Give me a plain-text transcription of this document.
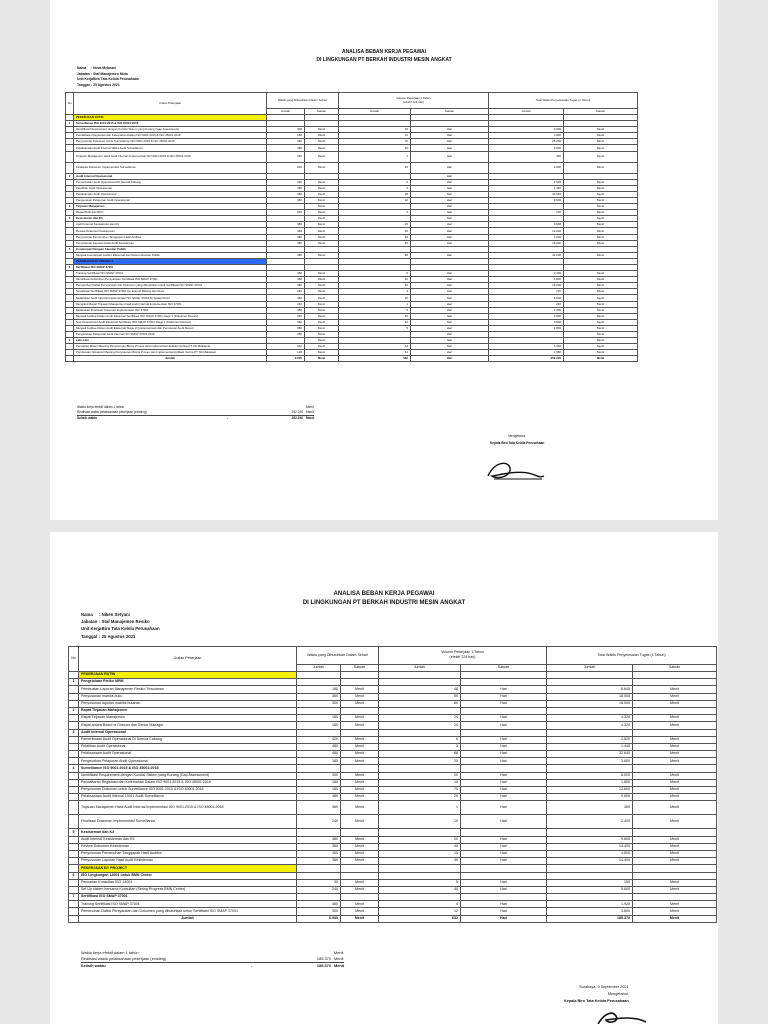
ANALISA BEBAN KERJA PEGAWAI
DI LINGKUNGAN PT BERKAH INDUSTRI MESIN ANGKAT
Nama	: Nova Melasari
Jabatan : Staf Manajemen Mutu
Unit Kerja
: Biro Tata Kelola Perusahaan
Tanggal : 25 Agustus 2021
No	Uraian Pekerjaan	Waktu yang Dibutuhkan Dalam Sehari		Volume Pekerjaan 1 Tahun
(efektif 224 hari)		Total Waktu Penyelesaian Tugas (1 Tahun)	
		Jumlah	Satuan	Jumlah	Satuan	Jumlah	Satuan
	PEKERJAAN RUTIN						
1	Surveillance ISO 9001:2015 & ISO 45001:2018						
	Identifikasi Requirement dengan Kondisi Sistem yang Kurang (Gap Assessment)	300	Menit	20	Hari	6.000	Menit
	Pendaftaran Registrasi dan Kelemahan Dalam ISO 9001:2015 & ISO 45001:2018	180	Menit	10	Hari	1.800	Menit
	Penyusunan Dokumen untuk Surveillance ISO 9001:2015 & ISO 45001:2018	360	Menit	70	Hari	25.200	Menit
	Pelaksanaan Audit Internal 19011 Audit Surveillance	480	Menit	20	Hari	9.600	Menit
	Tinjauan Manajemen Hasil Audit Internal Implementasi ISO 9001:2015 & ISO 45001:2018	360	Menit	1	Hari	360	Menit
	Finalisasi Dokumen Implementasi Surveillance	240	Menit	20	Hari	4.800	Menit
2	Audit Internal Operasional				Hari		
	Pemeriksaan Audit Operasional Di Semua Cabang	420	Menit	6	Hari	2.520	Menit
	Pelatihan Audit Operasional	480	Menit	3	Hari	1.440	Menit
	Pelaksanaan Audit Operasional	480	Menit	68	Hari	32.640	Menit
	Pengecekan Pelaporan Audit Operasional	480	Menit	20	Hari	9.600	Menit
3	Tinjauan Manajemen		Menit		Hari		Menit
	Rapat BOD dan BOC	240	Menit	3	Hari	720	Menit
4	Kesisteman dan K3		Menit		Hari		Menit
	Audit Internal Kesisteman dan K3	480	Menit	20	Hari	9.600	Menit
	Review Dokumen Kesisteman	480	Menit	40	Hari	19.200	Menit
	Penyusunan Pemenuhan Tanggapan Hasil Auditee	480	Menit	15	Hari	7.200	Menit
	Penyusunan Laporan Hasil Audit Kesisteman	480	Menit	40	Hari	19.200	Menit
5	Counterpart Dengan Akuntan Publik						
	Menjadi Counterpart Auditor Eksternal dari Kantor Akuntan Publik	480	Menit	90	Hari	43.200	Menit
	PEKERJAAN BY PROJECT						
6	Sertifikasi ISO SMAP 37001						
	Training Sertifikasi ISO SMAP 37001	480	Menit	5	Hari	2.400	Menit
	Identifikasi Kebutuhan Persyaratan Sertifikasi ISO SMAP 37001	480	Menit	10	Hari	4.800	Menit
	Pemenuhan Daftar Persyaratan dan Dokumen yang dibutuhkan untuk Sertifikasi ISO SMAP 37001	480	Menit	40	Hari	19.200	Menit
	Sosialisasi Sertifikasi ISO SMAP 37001 Ke seluruh Bidang dan Divisi	240	Menit	3	Hari	720	Menit
	Melakukan Audit Internal Implementasi ISO SMAP 37001 Di Setiap Divisi	480	Menit	20	Hari	9.600	Menit
	Mengikuti Rapat Tinjauan Manajemen hasil Audit Internal Implementasi ISO 37001	240	Menit	1	Hari	240	Menit
	Melakukan Finalisasi Dokumen Implementasi ISO 37001	480	Menit	5	Hari	2.400	Menit
	Menjadi Auditee Dalam Audit Eksternal Sertifikasi ISO SMAP 37001 stage 1 (Dokumen Review)	360	Menit	10	Hari	3.600	Menit
	Gap Assessment Audit Eksternal Sertifikasi ISO SMAP 37001 Stage 1 (Dokumen Review)	360	Menit	10	Hari	3.600	Menit
	Menjadi Auditee Dalam Audit Eksternal Stage 2 (Implementasi) dan Penutupan Audit Report	360	Menit	5	Hari	1.800	Menit
	Pengecekan Pelaporan Audit Internal ISO SMAP 37001:2016	480	Menit		Hari		Menit
9	Lain-Lain		Menit		Hari		Menit
	Persiapan Materi Meeting Penyusunan Bisnis Proses dan Implementasi Aplikasi Cerina PT SD Makassar	240	Menit	14	Hari	3.360	Menit
	Pembuatan Notulensi Meeting Penyusunan Bisnis Proses dan Implementasi Aplikasi Cerina PT SD Makassar	120	Menit	14	Hari	1.680	Menit
	Jumlah	6.000	Menit	560	Hari	252.240	Menit
Waktu kerja efektif dalam 1 tahun	Menit
Realisasi waktu pelaksanaan pekerjaan (existing)	252.240 Menit
Selisih waktu	-	252.240 Menit
Mengetahui,
Kepala Biro Tata Kelola Perusahaan
ANALISA BEBAN KERJA PEGAWAI
DI LINGKUNGAN PT BERKAH INDUSTRI MESIN ANGKAT
Nama	: Niken Setyani
Jabatan : Staf Manajemen Resiko
Unit Kerja
: Biro Tata Kelola Perusahaan
Tanggal : 25 Agustus 2021
No	Uraian Pekerjaan	Waktu yang Dibutuhkan Dalam Sehari		Volume Pekerjaan 1 Tahun
(efektif 224 hari)		Total Waktu Penyelesaian Tugas (1 Tahun)	
		Jumlah	Satuan	Jumlah	Satuan	Jumlah	Satuan
	PEKERJAAN RUTIN						
1	Pengelolaan Risiko MRM						
	Pembuatan Laporan Manajemen Resiko Triwulanan	180	Menit	48	Hari	8.640	Menit
	Penyusunan matriks buku	360	Menit	50	Hari	18.000	Menit
	Penyusunan laporan matriks bulanan	300	Menit	60	Hari	18.000	Menit
2	Rapat Tinjauan Manajemen						
	Rapat Tinjauan Manajemen	180	Menit	24	Hari	4.320	Menit
	Rapat antara Board of Director dan Senior Manager	180	Menit	24	Hari	4.320	Menit
3	Audit Internal Operasional						
	Pemeriksaan Audit Operasional Di Semua Cabang	420	Menit	6	Hari	2.520	Menit
	Pelatihan Audit Operasional	480	Menit	3	Hari	1.440	Menit
	Pelaksanaan Audit Operasional	480	Menit	68	Hari	32.640	Menit
	Pengecekan Pelaporan Audit Operasional	180	Menit	20	Hari	3.600	Menit
4	Surveillance ISO 9001:2015 & ISO 45001:2018						
	Identifikasi Requirement dengan Kondisi Sistem yang Kurang (Gap Assessment)	300	Menit	20	Hari	6.000	Menit
	Pendaftaran Registrasi dan Kelemahan Dalam ISO 9001:2015 & ISO 45001:2018	180	Menit	10	Hari	1.800	Menit
	Penyusunan Dokumen untuk Surveillance ISO 9001:2015 & ISO 45001:2018	180	Menit	70	Hari	12.600	Menit
	Pelaksanaan Audit Internal 19011 Audit Surveillance	480	Menit	20	Hari	9.600	Menit
	Tinjauan Manajemen Hasil Audit Internal Implementasi ISO 9001:2015 & ISO 45001:2018	360	Menit	1	Hari	360	Menit
	Finalisasi Dokumen Implementasi Surveillance	240	Menit	10	Hari	2.400	Menit
5	Kesisteman dan K3						
	Audit Internal Kesisteman dan K3	480	Menit	20	Hari	9.600	Menit
	Review Dokumen Kesisteman	360	Menit	40	Hari	14.400	Menit
	Penyusunan Pemenuhan Tanggapan Hasil Auditee	300	Menit	15	Hari	4.500	Menit
	Penyusunan Laporan Hasil Audit Kesisteman	360	Menit	40	Hari	14.400	Menit
	PEKERJAAN BY PROJECT						
6	ISO Lingkungan 14001 untuk BMN Center						
	Pencarian Konsultan ISO 14001	30	Menit	5	Hari	150	Menit
	Set Up sistem bersama Konsultan (Sering Progress BMN Center)	240	Menit	40	Hari	9.600	Menit
7	Sertifikasi ISO SMAP 37001						
	Training Sertifikasi ISO SMAP 37001	480	Menit	4	Hari	1.920	Menit
	Pemenuhan Daftar Persyaratan dan Dokumen yang dibutuhkan untuk Sertifikasi ISO SMAP 37001	300	Menit	12	Hari	3.600	Menit
	Jumlah	6.930	Menit	632	Hari	185.370	Menit
Waktu kerja efektif dalam 1 tahun	Menit
Realisasi waktu pelaksanaan pekerjaan (existing)	185.370 Menit
Selisih waktu	-	185.370 Menit
Surabaya, 9 September 2021
Mengetahui,
Kepala Biro Tata Kelola Perusahaan
